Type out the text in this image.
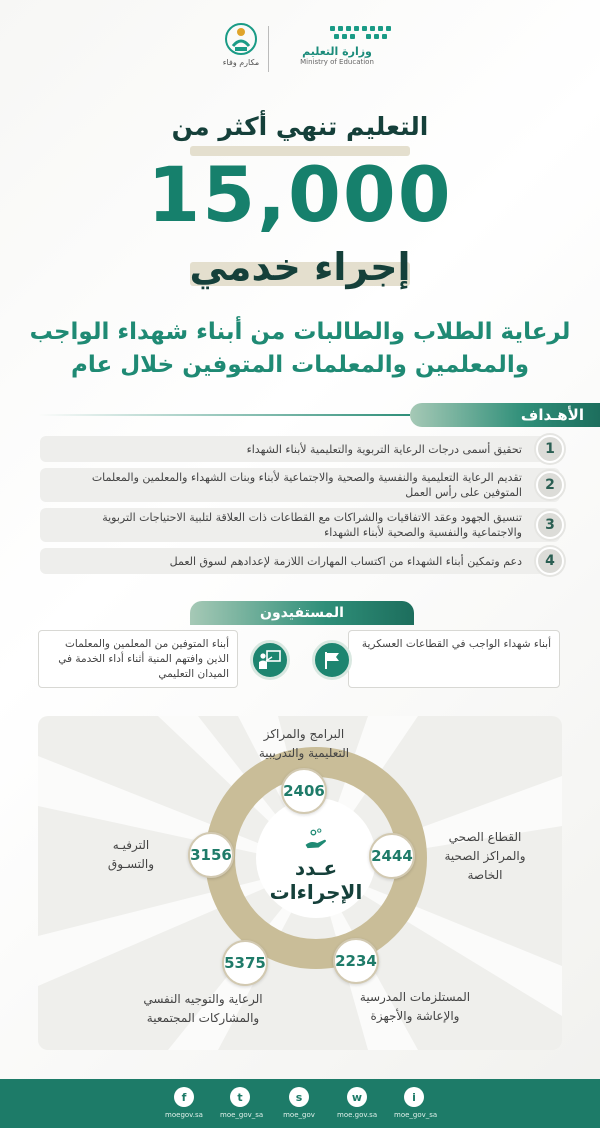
وزارة التعليم
Ministry of Education
مكارم وفاء
التعليم تنهي أكثر من
15,000
إجراء خدمي
لرعاية الطلاب والطالبات من أبناء شهداء الواجب
والمعلمين والمعلمات المتوفين خلال عام
الأهـداف
1
تحقيق أسمى درجات الرعاية التربوية والتعليمية لأبناء الشهداء
2
تقديم الرعاية التعليمية والنفسية والصحية والاجتماعية لأبناء وبنات الشهداء والمعلمين والمعلمات المتوفين على رأس العمل
3
تنسيق الجهود وعقد الاتفاقيات والشراكات مع القطاعات ذات العلاقة لتلبية الاحتياجات التربوية والاجتماعية والنفسية والصحية لأبناء الشهداء
4
دعم وتمكين أبناء الشهداء من اكتساب المهارات اللازمة لإعدادهم لسوق العمل
المستفيدون
أبناء شهداء الواجب في القطاعات العسكرية
أبناء المتوفين من المعلمين والمعلمات الذين وافتهم المنية أثناء أداء الخدمة في الميدان التعليمي
عـدد
الإجراءات
2406
2444
2234
5375
3156
البرامج والمراكز
التعليمية والتدريبية
القطاع الصحي
والمراكز الصحية
الخاصة
المستلزمات المدرسية
والإعاشة والأجهزة
الرعاية والتوجيه النفسي
والمشاركات المجتمعية
الترفيـه
والتسـوق
f
moegov.sa
t
moe_gov_sa
s
moe_gov
w
moe.gov.sa
i
moe_gov_sa
